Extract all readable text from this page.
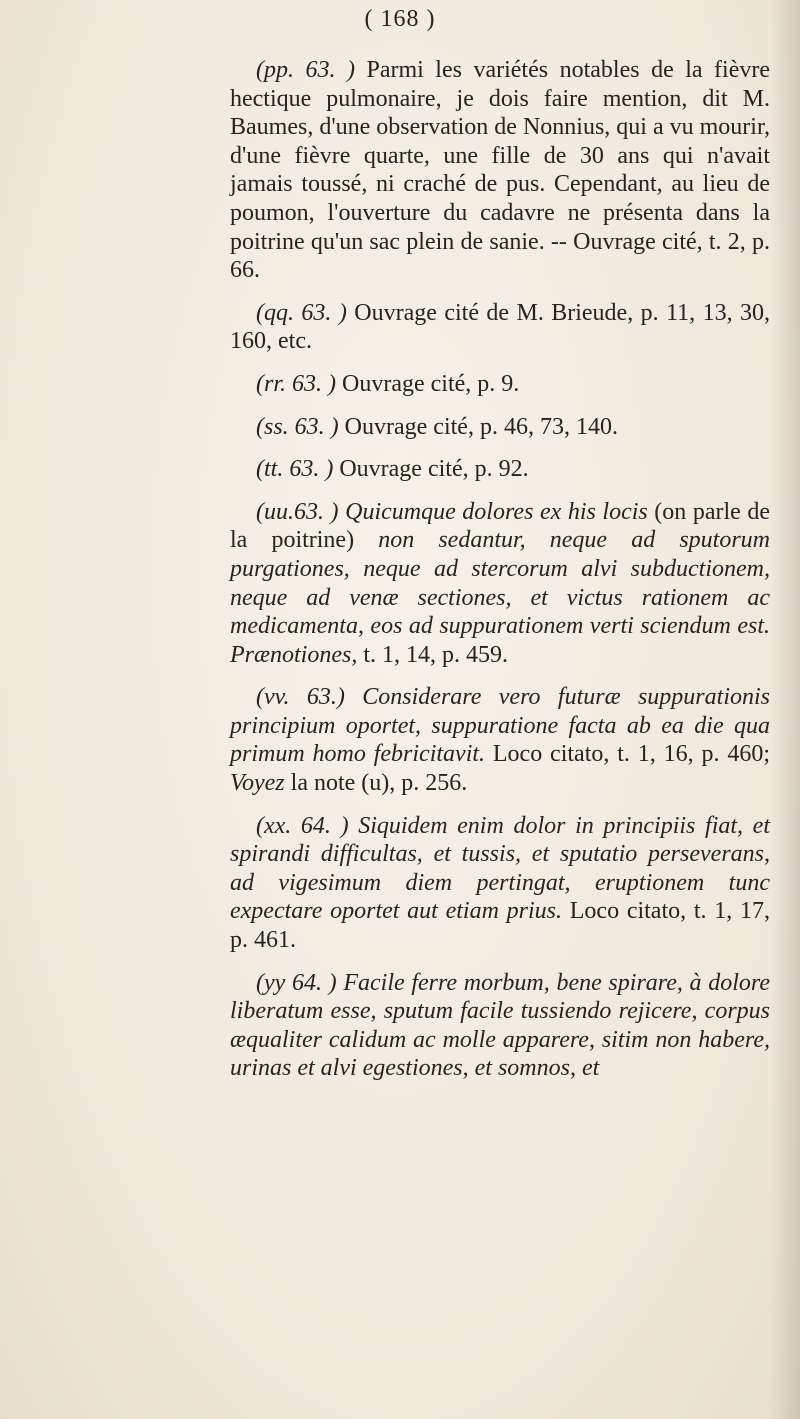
( 168 )

(pp. 63. ) Parmi les variétés notables de la fièvre hectique pulmonaire, je dois faire mention, dit M. Baumes, d'une observation de Nonnius, qui a vu mourir, d'une fièvre quarte, une fille de 30 ans qui n'avait jamais toussé, ni craché de pus. Cependant, au lieu de poumon, l'ouverture du cadavre ne présenta dans la poitrine qu'un sac plein de sanie. -- Ouvrage cité, t. 2, p. 66.

(qq. 63. ) Ouvrage cité de M. Brieude, p. 11, 13, 30, 160, etc.

(rr. 63. ) Ouvrage cité, p. 9.

(ss. 63. ) Ouvrage cité, p. 46, 73, 140.

(tt. 63. ) Ouvrage cité, p. 92.

(uu.63. ) Quicumque dolores ex his locis (on parle de la poitrine) non sedantur, neque ad sputorum purgationes, neque ad stercorum alvi subductionem, neque ad venæ sectiones, et victus rationem ac medicamenta, eos ad suppurationem verti sciendum est. Prænotiones, t. 1, 14, p. 459.

(vv. 63.) Considerare vero futuræ suppurationis principium oportet, suppuratione facta ab ea die qua primum homo febricitavit. Loco citato, t. 1, 16, p. 460; Voyez la note (u), p. 256.

(xx. 64. ) Siquidem enim dolor in principiis fiat, et spirandi difficultas, et tussis, et sputatio perseverans, ad vigesimum diem pertingat, eruptionem tunc expectare oportet aut etiam prius. Loco citato, t. 1, 17, p. 461.

(yy 64. ) Facile ferre morbum, bene spirare, à dolore liberatum esse, sputum facile tussiendo rejicere, corpus æqualiter calidum ac molle apparere, sitim non habere, urinas et alvi egestiones, et somnos, et
